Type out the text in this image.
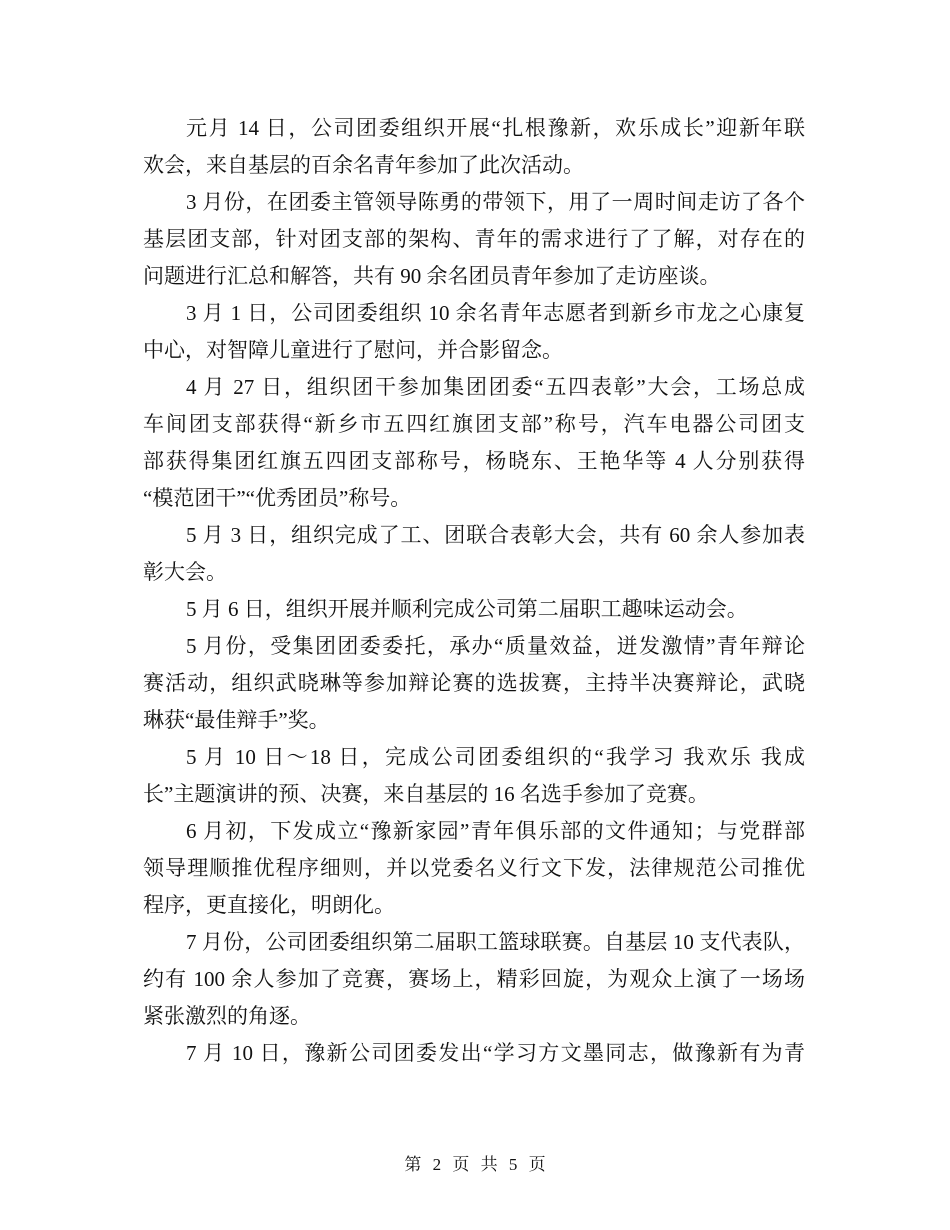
元月 14 日，公司团委组织开展“扎根豫新，欢乐成长”迎新年联
欢会，来自基层的百余名青年参加了此次活动。
3 月份，在团委主管领导陈勇的带领下，用了一周时间走访了各个
基层团支部，针对团支部的架构、青年的需求进行了了解，对存在的
问题进行汇总和解答，共有 90 余名团员青年参加了走访座谈。
3 月 1 日，公司团委组织 10 余名青年志愿者到新乡市龙之心康复
中心，对智障儿童进行了慰问，并合影留念。
4 月 27 日，组织团干参加集团团委“五四表彰”大会，工场总成
车间团支部获得“新乡市五四红旗团支部”称号，汽车电器公司团支
部获得集团红旗五四团支部称号，杨晓东、王艳华等 4 人分别获得
“模范团干”“优秀团员”称号。
5 月 3 日，组织完成了工、团联合表彰大会，共有 60 余人参加表
彰大会。
5 月 6 日，组织开展并顺利完成公司第二届职工趣味运动会。
5 月份，受集团团委委托，承办“质量效益，迸发激情”青年辩论
赛活动，组织武晓琳等参加辩论赛的选拔赛，主持半决赛辩论，武晓
琳获“最佳辩手”奖。
5 月 10 日～18 日，完成公司团委组织的“我学习 我欢乐 我成
长”主题演讲的预、决赛，来自基层的 16 名选手参加了竞赛。
6 月初，下发成立“豫新家园”青年俱乐部的文件通知；与党群部
领导理顺推优程序细则，并以党委名义行文下发，法律规范公司推优
程序，更直接化，明朗化。
7 月份，公司团委组织第二届职工篮球联赛。自基层 10 支代表队，
约有 100 余人参加了竞赛，赛场上，精彩回旋，为观众上演了一场场
紧张激烈的角逐。
7 月 10 日，豫新公司团委发出“学习方文墨同志，做豫新有为青
第 2 页 共 5 页
